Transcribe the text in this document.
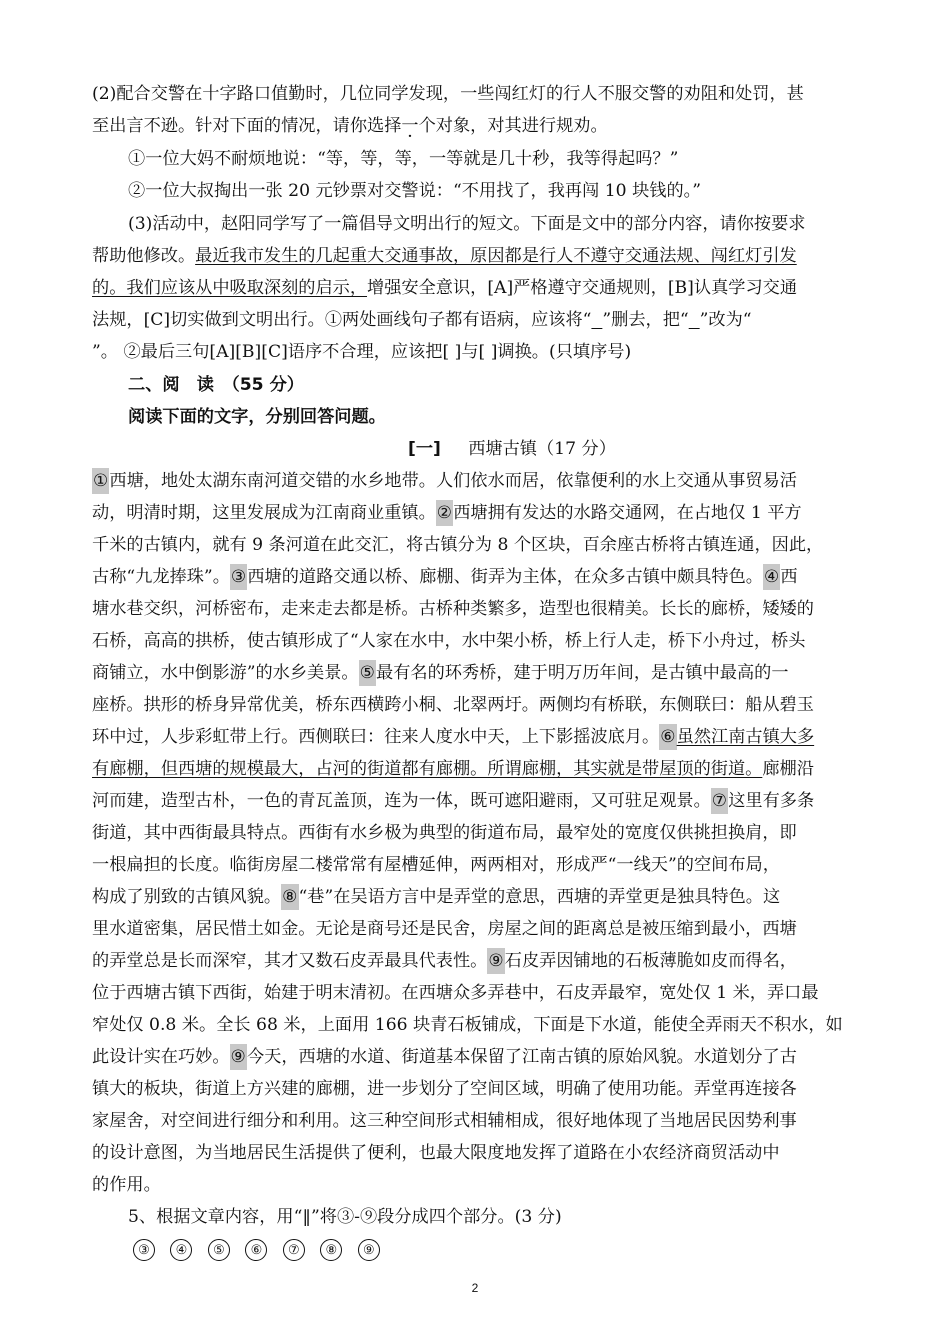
(2)配合交警在十字路口值勤时，几位同学发现，一些闯红灯的行人不服交警的劝阻和处罚，甚
至出言不逊。针对下面的情况，请你选择一个对象，对其进行规劝。
①一位大妈不耐烦地说：“等，等，等，一等就是几十秒，我等得起吗？”
②一位大叔掏出一张 20 元钞票对交警说：“不用找了，我再闯 10 块钱的。”
(3)活动中，赵阳同学写了一篇倡导文明出行的短文。下面是文中的部分内容，请你按要求
帮助他修改。最近我市发生的几起重大交通事故，原因都是行人不遵守交通法规、闯红灯引发
的。我们应该从中吸取深刻的启示，增强安全意识，[A]严格遵守交通规则，[B]认真学习交通
法规，[C]切实做到文明出行。①两处画线句子都有语病，应该将“ ”删去，把“ ”改为“
”。 ②最后三句[A][B][C]语序不合理，应该把[ ]与[ ]调换。(只填序号)
二、阅　读　（55 分）
阅读下面的文字，分别回答问题。
[一] 西塘古镇（17 分）
①西塘，地处太湖东南河道交错的水乡地带。人们依水而居，依靠便利的水上交通从事贸易活
动，明清时期，这里发展成为江南商业重镇。②西塘拥有发达的水路交通网，在占地仅 1 平方
千米的古镇内，就有 9 条河道在此交汇，将古镇分为 8 个区块，百余座古桥将古镇连通，因此，
古称“九龙捧珠”。③西塘的道路交通以桥、廊棚、街弄为主体，在众多古镇中颇具特色。④西
塘水巷交织，河桥密布，走来走去都是桥。古桥种类繁多，造型也很精美。长长的廊桥，矮矮的
石桥，高高的拱桥，使古镇形成了“人家在水中，水中架小桥，桥上行人走，桥下小舟过，桥头
商铺立，水中倒影游”的水乡美景。⑤最有名的环秀桥，建于明万历年间，是古镇中最高的一
座桥。拱形的桥身异常优美，桥东西横跨小桐、北翠两圩。两侧均有桥联，东侧联曰：船从碧玉
环中过，人步彩虹带上行。西侧联曰：往来人度水中天，上下影摇波底月。⑥虽然江南古镇大多
有廊棚，但西塘的规模最大，占河的街道都有廊棚。所谓廊棚，其实就是带屋顶的街道。廊棚沿
河而建，造型古朴，一色的青瓦盖顶，连为一体，既可遮阳避雨，又可驻足观景。⑦这里有多条
街道，其中西街最具特点。西街有水乡极为典型的街道布局，最窄处的宽度仅供挑担换肩，即
一根扁担的长度。临街房屋二楼常常有屋槽延伸，两两相对，形成严“一线天”的空间布局，
构成了别致的古镇风貌。⑧“巷”在吴语方言中是弄堂的意思，西塘的弄堂更是独具特色。这
里水道密集，居民惜土如金。无论是商号还是民舍，房屋之间的距离总是被压缩到最小，西塘
的弄堂总是长而深窄，其才又数石皮弄最具代表性。⑨石皮弄因铺地的石板薄脆如皮而得名，
位于西塘古镇下西街，始建于明末清初。在西塘众多弄巷中，石皮弄最窄，宽处仅 1 米，弄口最
窄处仅 0.8 米。全长 68 米，上面用 166 块青石板铺成，下面是下水道，能使全弄雨天不积水，如
此设计实在巧妙。⑨今天，西塘的水道、街道基本保留了江南古镇的原始风貌。水道划分了古
镇大的板块，街道上方兴建的廊棚，进一步划分了空间区域，明确了使用功能。弄堂再连接各
家屋舍，对空间进行细分和利用。这三种空间形式相辅相成，很好地体现了当地居民因势利事
的设计意图，为当地居民生活提供了便利，也最大限度地发挥了道路在小农经济商贸活动中
的作用。
5、根据文章内容，用“‖”将③-⑨段分成四个部分。(3 分)
③ ④ ⑤ ⑥ ⑦ ⑧ ⑨
2
